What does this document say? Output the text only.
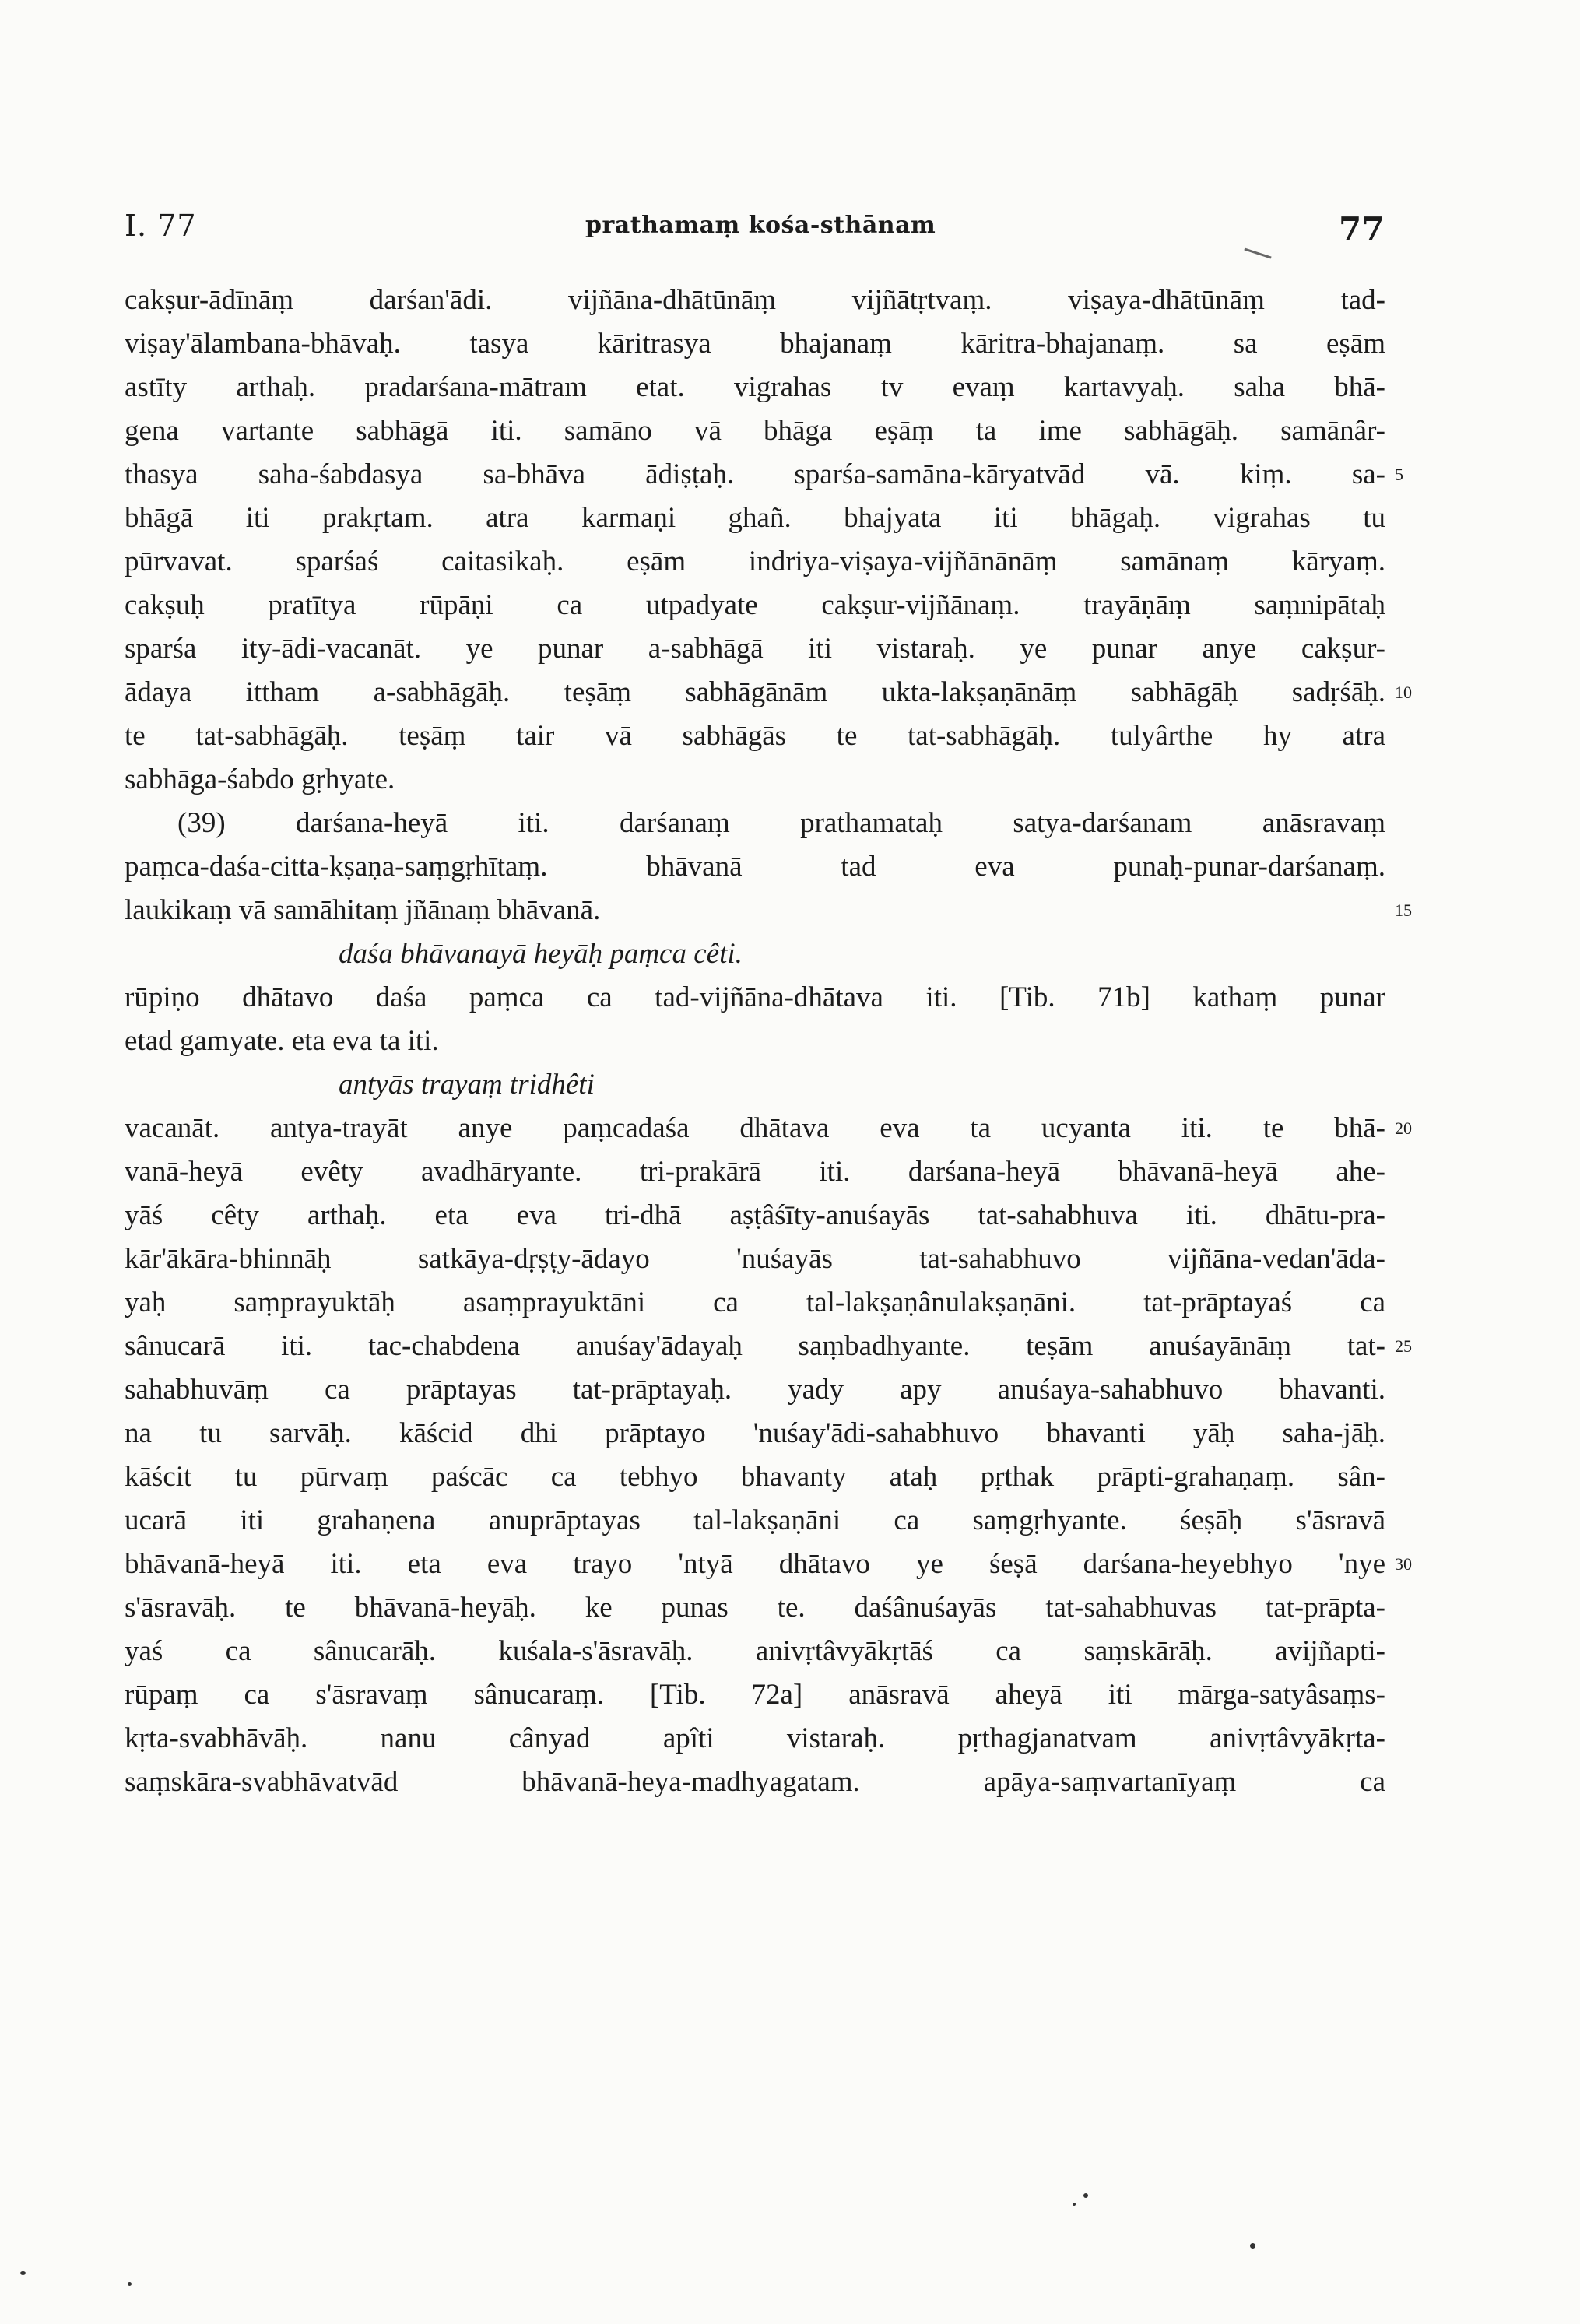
I. 77	prathamaṃ kośa-sthānam	77
cakṣur-ādīnāṃ darśan'ādi. vijñāna-dhātūnāṃ vijñātṛtvaṃ. viṣaya-dhātūnāṃ tad-
viṣay'ālambana-bhāvaḥ. tasya kāritrasya bhajanaṃ kāritra-bhajanaṃ. sa eṣām
astīty arthaḥ. pradarśana-mātram etat. vigrahas tv evaṃ kartavyaḥ. saha bhā-
gena vartante sabhāgā iti. samāno vā bhāga eṣāṃ ta ime sabhāgāḥ. samānâr-
thasya saha-śabdasya sa-bhāva ādiṣṭaḥ. sparśa-samāna-kāryatvād vā. kiṃ. sa- 5
bhāgā iti prakṛtam. atra karmaṇi ghañ. bhajyata iti bhāgaḥ. vigrahas tu
pūrvavat. sparśaś caitasikaḥ. eṣām indriya-viṣaya-vijñānānāṃ samānaṃ kāryaṃ.
cakṣuḥ pratītya rūpāṇi ca utpadyate cakṣur-vijñānaṃ. trayāṇāṃ saṃnipātaḥ
sparśa ity-ādi-vacanāt. ye punar a-sabhāgā iti vistaraḥ. ye punar anye cakṣur-
ādaya ittham a-sabhāgāḥ. teṣāṃ sabhāgānām ukta-lakṣaṇānāṃ sabhāgāḥ sadṛśāḥ. 10
te tat-sabhāgāḥ. teṣāṃ tair vā sabhāgās te tat-sabhāgāḥ. tulyârthe hy atra
sabhāga-śabdo gṛhyate.
(39) darśana-heyā iti. darśanaṃ prathamataḥ satya-darśanam anāsravaṃ
paṃca-daśa-citta-kṣaṇa-saṃgṛhītaṃ. bhāvanā tad eva punaḥ-punar-darśanaṃ.
laukikaṃ vā samāhitaṃ jñānaṃ bhāvanā.	15
daśa bhāvanayā heyāḥ paṃca cêti.
rūpiṇo dhātavo daśa paṃca ca tad-vijñāna-dhātava iti. [Tib. 71b] kathaṃ punar
etad gamyate. eta eva ta iti.
antyās trayaṃ tridhêti
vacanāt. antya-trayāt anye paṃcadaśa dhātava eva ta ucyanta iti. te bhā- 20
vanā-heyā evêty avadhāryante. tri-prakārā iti. darśana-heyā bhāvanā-heyā ahe-
yāś cêty arthaḥ. eta eva tri-dhā aṣṭâśīty-anuśayās tat-sahabhuva iti. dhātu-pra-
kār'ākāra-bhinnāḥ satkāya-dṛṣṭy-ādayo 'nuśayās tat-sahabhuvo vijñāna-vedan'āda-
yaḥ saṃprayuktāḥ asaṃprayuktāni ca tal-lakṣaṇânulakṣaṇāni. tat-prāptayaś ca
sânucarā iti. tac-chabdena anuśay'ādayaḥ saṃbadhyante. teṣām anuśayānāṃ tat- 25
sahabhuvāṃ ca prāptayas tat-prāptayaḥ. yady apy anuśaya-sahabhuvo bhavanti.
na tu sarvāḥ. kāścid dhi prāptayo 'nuśay'ādi-sahabhuvo bhavanti yāḥ saha-jāḥ.
kāścit tu pūrvaṃ paścāc ca tebhyo bhavanty ataḥ pṛthak prāpti-grahaṇaṃ. sân-
ucarā iti grahaṇena anuprāptayas tal-lakṣaṇāni ca saṃgṛhyante. śeṣāḥ s'āsravā
bhāvanā-heyā iti. eta eva trayo 'ntyā dhātavo ye śeṣā darśana-heyebhyo 'nye 30
s'āsravāḥ. te bhāvanā-heyāḥ. ke punas te. daśânuśayās tat-sahabhuvas tat-prāpta-
yaś ca sânucarāḥ. kuśala-s'āsravāḥ. anivṛtâvyākṛtāś ca saṃskārāḥ. avijñapti-
rūpaṃ ca s'āsravaṃ sânucaraṃ. [Tib. 72a] anāsravā aheyā iti mārga-satyâsaṃs-
kṛta-svabhāvāḥ. nanu cânyad apîti vistaraḥ. pṛthagjanatvam anivṛtâvyākṛta-
saṃskāra-svabhāvatvād bhāvanā-heya-madhyagatam. apāya-saṃvartanīyaṃ ca
